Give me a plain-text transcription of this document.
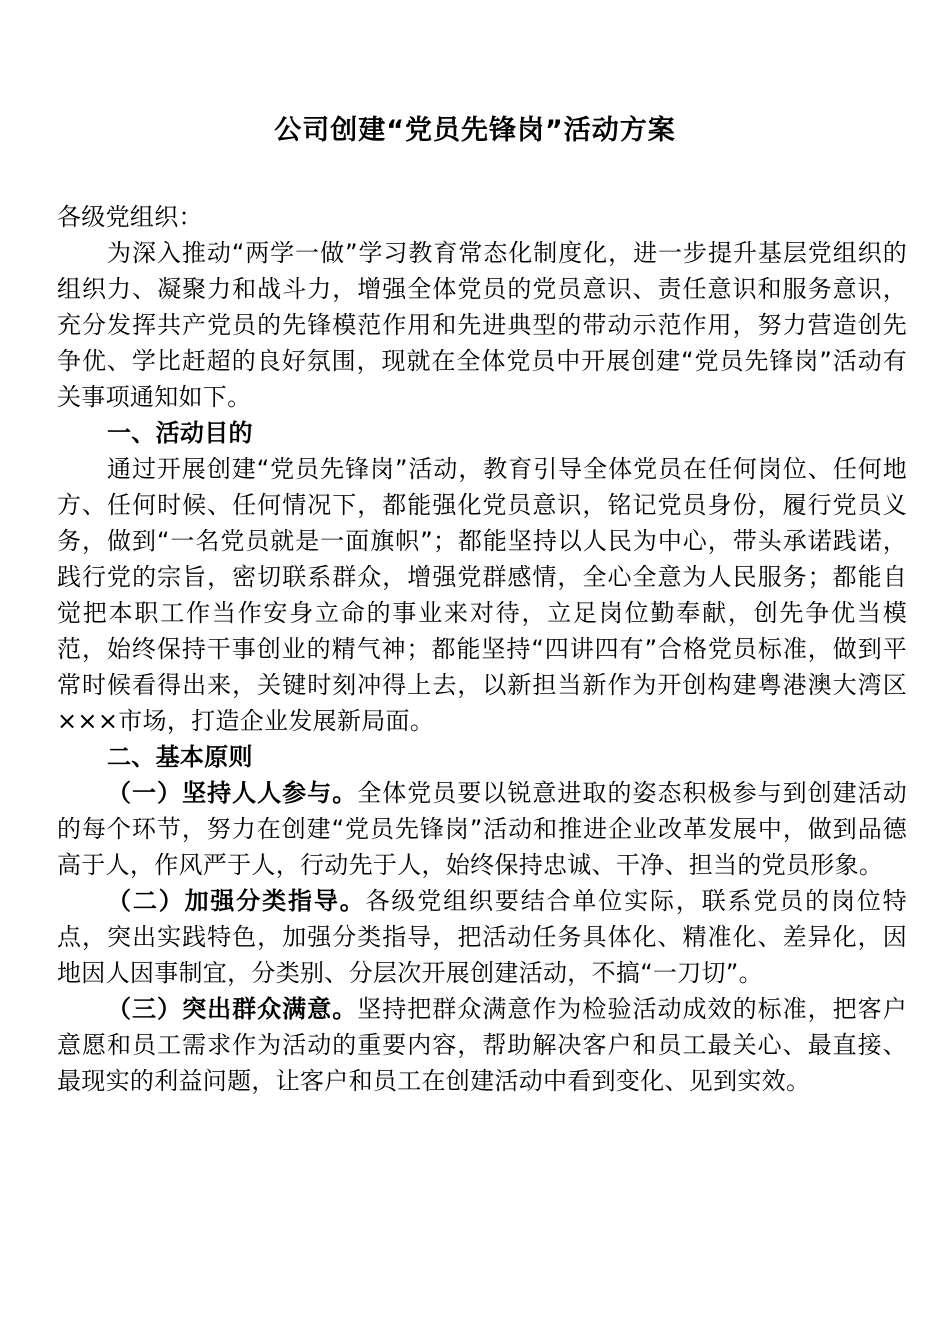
公司创建“党员先锋岗”活动方案

各级党组织：

为深入推动“两学一做”学习教育常态化制度化，进一步提升基层党组织的组织力、凝聚力和战斗力，增强全体党员的党员意识、责任意识和服务意识，充分发挥共产党员的先锋模范作用和先进典型的带动示范作用，努力营造创先争优、学比赶超的良好氛围，现就在全体党员中开展创建“党员先锋岗”活动有关事项通知如下。

一、活动目的

通过开展创建“党员先锋岗”活动，教育引导全体党员在任何岗位、任何地方、任何时候、任何情况下，都能强化党员意识，铭记党员身份，履行党员义务，做到“一名党员就是一面旗帜”；都能坚持以人民为中心，带头承诺践诺，践行党的宗旨，密切联系群众，增强党群感情，全心全意为人民服务；都能自觉把本职工作当作安身立命的事业来对待，立足岗位勤奉献，创先争优当模范，始终保持干事创业的精气神；都能坚持“四讲四有”合格党员标准，做到平常时候看得出来，关键时刻冲得上去，以新担当新作为开创构建粤港澳大湾区×××市场，打造企业发展新局面。

二、基本原则

（一）坚持人人参与。全体党员要以锐意进取的姿态积极参与到创建活动的每个环节，努力在创建“党员先锋岗”活动和推进企业改革发展中，做到品德高于人，作风严于人，行动先于人，始终保持忠诚、干净、担当的党员形象。

（二）加强分类指导。各级党组织要结合单位实际，联系党员的岗位特点，突出实践特色，加强分类指导，把活动任务具体化、精准化、差异化，因地因人因事制宜，分类别、分层次开展创建活动，不搞“一刀切”。

（三）突出群众满意。坚持把群众满意作为检验活动成效的标准，把客户意愿和员工需求作为活动的重要内容，帮助解决客户和员工最关心、最直接、最现实的利益问题，让客户和员工在创建活动中看到变化、见到实效。
